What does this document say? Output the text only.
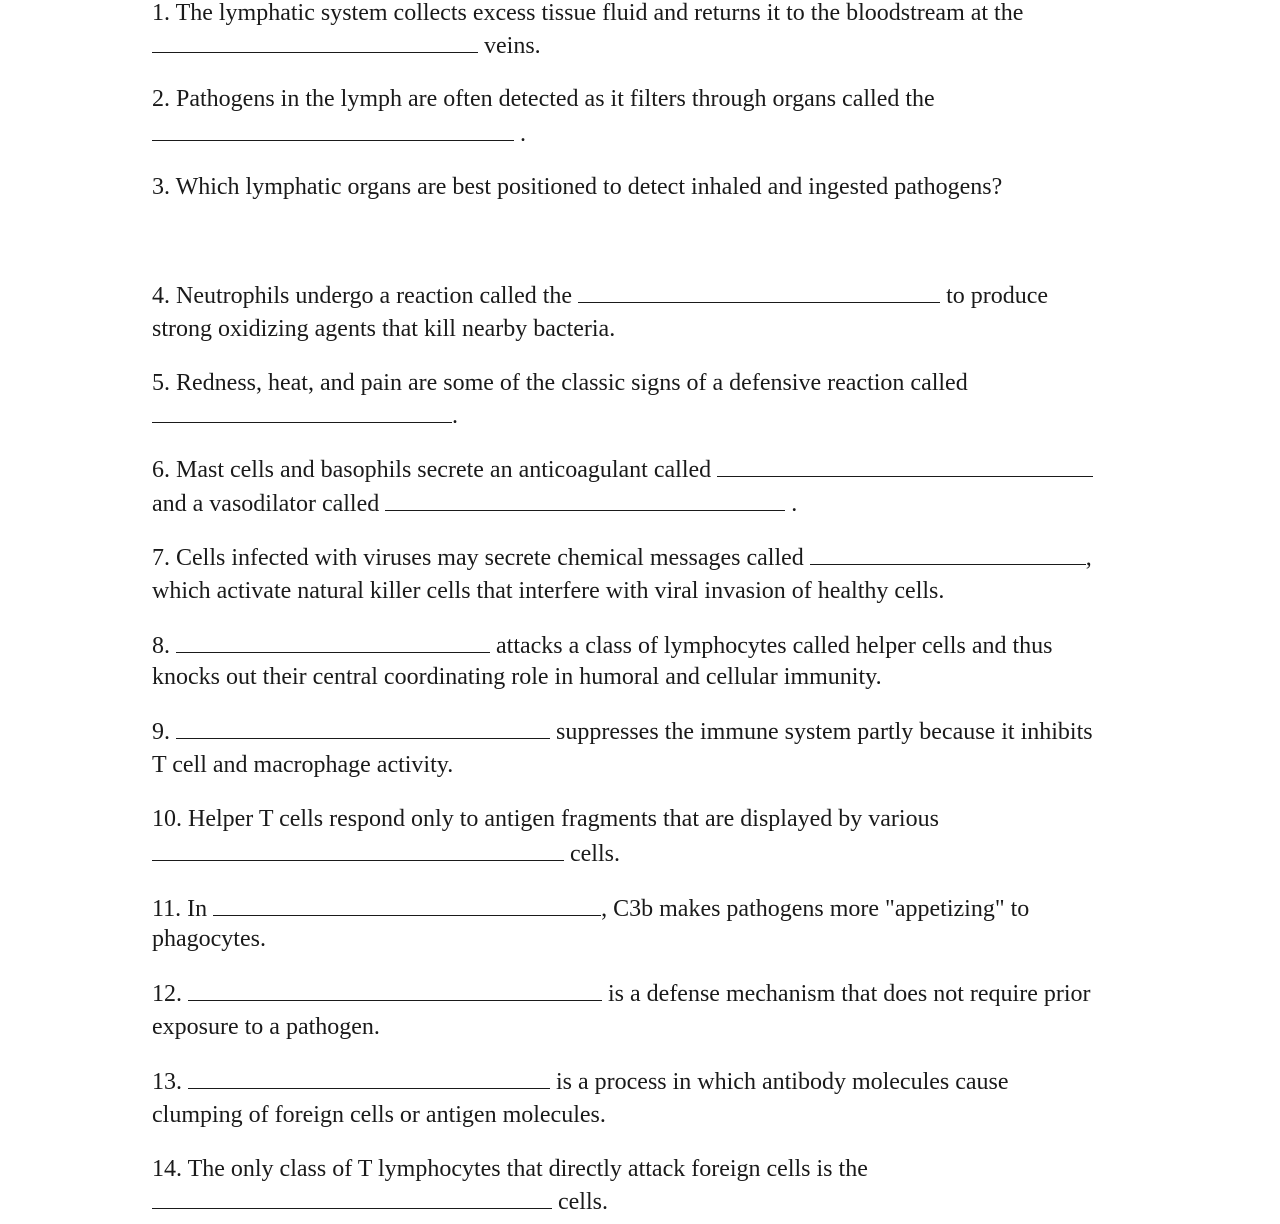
1. The lymphatic system collects excess tissue fluid and returns it to the bloodstream at the
veins.
2. Pathogens in the lymph are often detected as it filters through organs called the
.
3. Which lymphatic organs are best positioned to detect inhaled and ingested pathogens?
4. Neutrophils undergo a reaction called the	to produce
strong oxidizing agents that kill nearby bacteria.
5. Redness, heat, and pain are some of the classic signs of a defensive reaction called
.
6. Mast cells and basophils secrete an anticoagulant called
and a vasodilator called	.
7. Cells infected with viruses may secrete chemical messages called	,
which activate natural killer cells that interfere with viral invasion of healthy cells.
8.	attacks a class of lymphocytes called helper cells and thus
knocks out their central coordinating role in humoral and cellular immunity.
9.	suppresses the immune system partly because it inhibits
T cell and macrophage activity.
10. Helper T cells respond only to antigen fragments that are displayed by various
cells.
11. In	, C3b makes pathogens more "appetizing" to
phagocytes.
12.	is a defense mechanism that does not require prior
exposure to a pathogen.
13.	is a process in which antibody molecules cause
clumping of foreign cells or antigen molecules.
14. The only class of T lymphocytes that directly attack foreign cells is the
cells.
